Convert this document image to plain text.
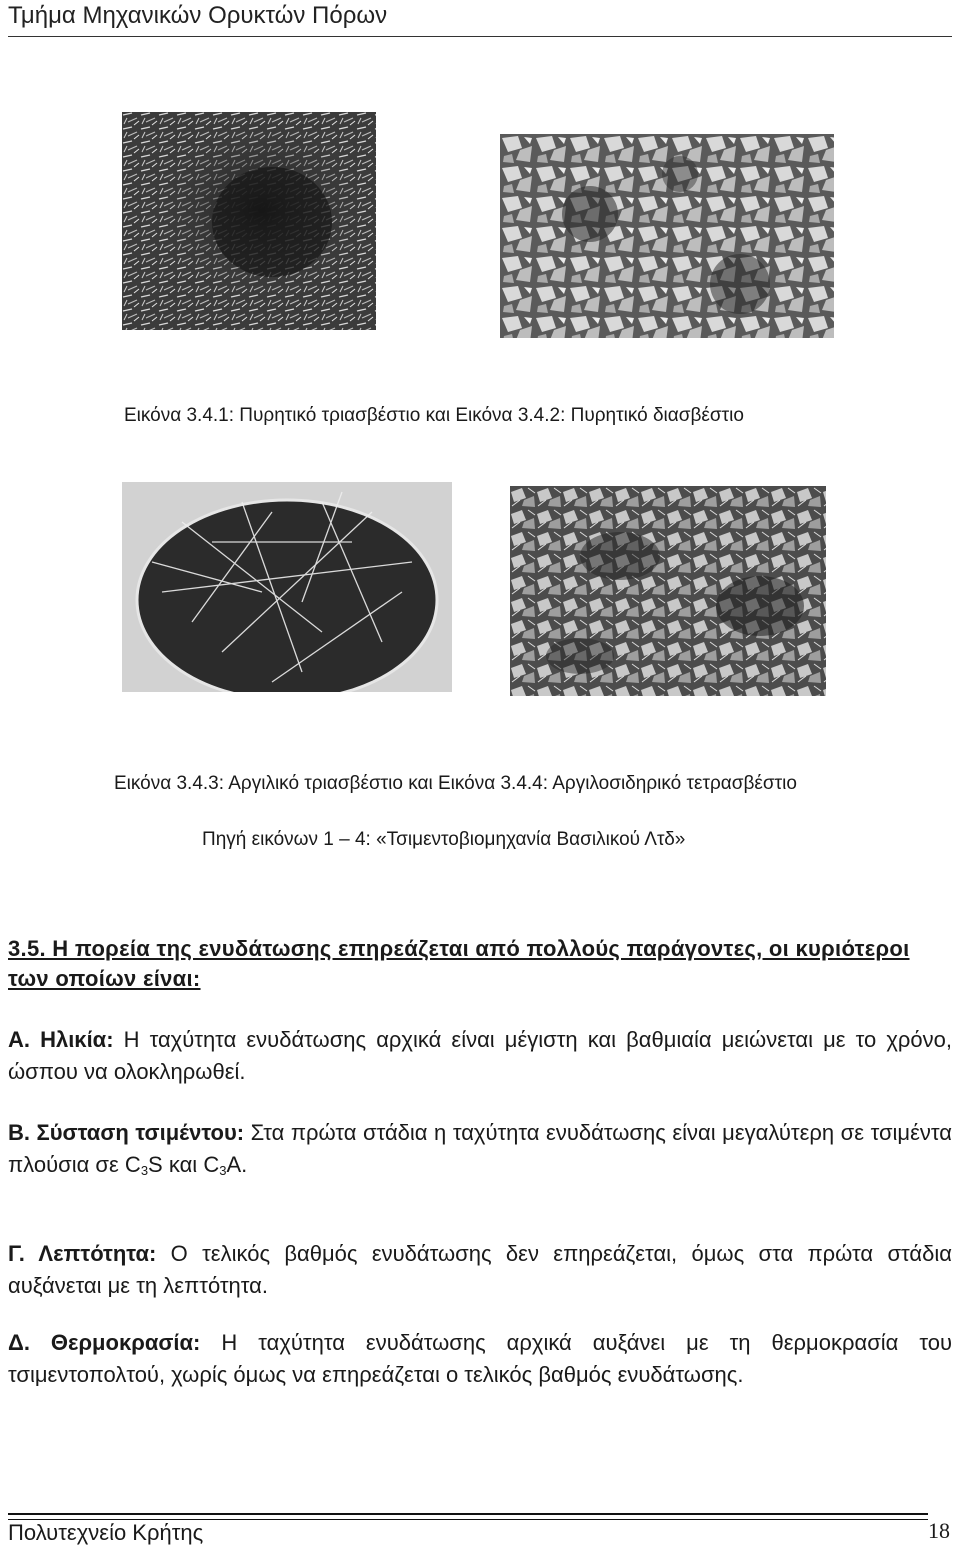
Τμήμα Μηχανικών Ορυκτών Πόρων
Εικόνα 3.4.1: Πυρητικό τριασβέστιο και Εικόνα 3.4.2: Πυρητικό διασβέστιο
Εικόνα 3.4.3: Αργιλικό τριασβέστιο και Εικόνα 3.4.4: Αργιλοσιδηρικό τετρασβέστιο
Πηγή εικόνων 1 – 4: «Τσιμεντοβιομηχανία Βασιλικού Λτδ»
3.5. Η πορεία της ενυδάτωσης επηρεάζεται από πολλούς παράγοντες, οι κυριότεροι των οποίων είναι:
Α. Ηλικία: Η ταχύτητα ενυδάτωσης αρχικά είναι μέγιστη και βαθμιαία μειώνεται με το χρόνο, ώσπου να ολοκληρωθεί.
Β. Σύσταση τσιμέντου: Στα πρώτα στάδια η ταχύτητα ενυδάτωσης είναι μεγαλύτερη σε τσιμέντα πλούσια σε $C_3S$ και $C_3A$.
Γ. Λεπτότητα: Ο τελικός βαθμός ενυδάτωσης δεν επηρεάζεται, όμως στα πρώτα στάδια αυξάνεται με τη λεπτότητα.
Δ. Θερμοκρασία: Η ταχύτητα ενυδάτωσης αρχικά αυξάνει με τη θερμοκρασία του τσιμεντοπολτού, χωρίς όμως να επηρεάζεται ο τελικός βαθμός ενυδάτωσης.
Πολυτεχνείο Κρήτης	18
